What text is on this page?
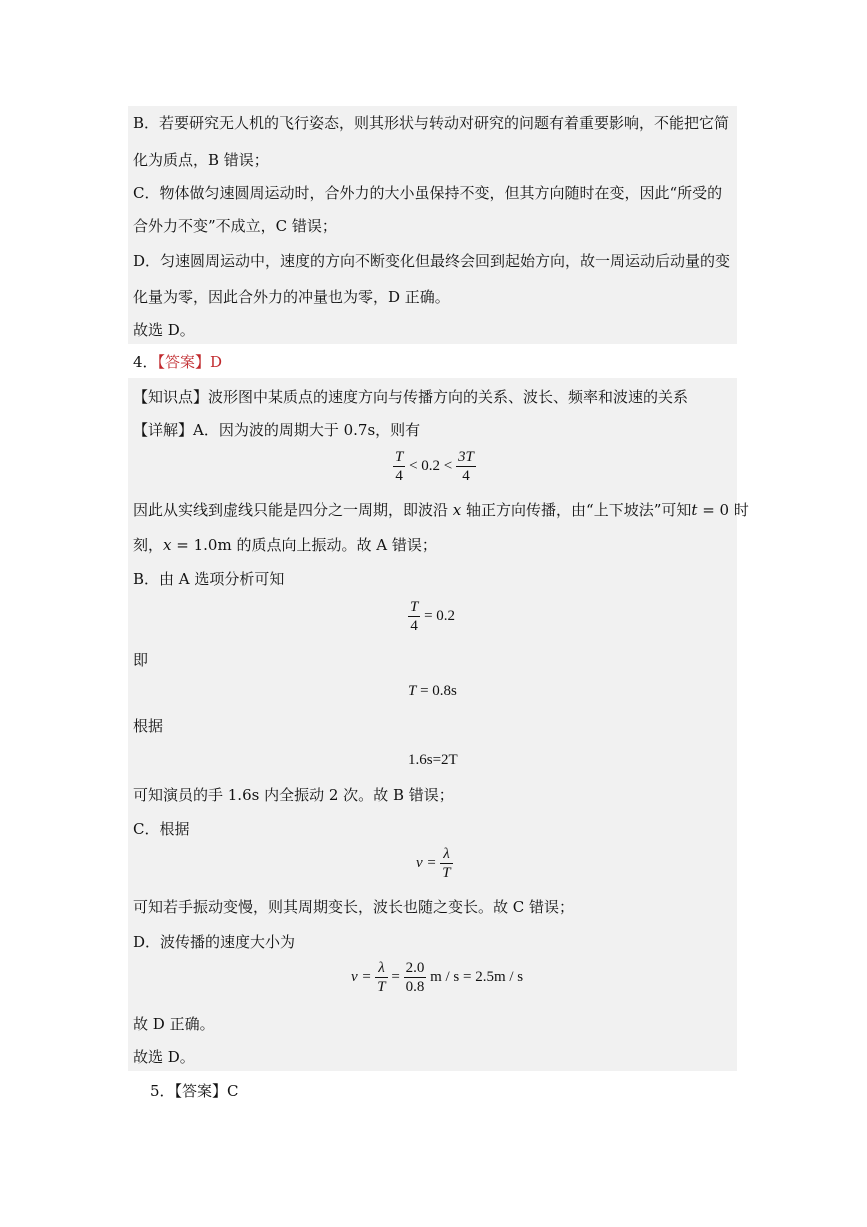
B．若要研究无人机的飞行姿态，则其形状与转动对研究的问题有着重要影响，不能把它简
化为质点，B 错误；
C．物体做匀速圆周运动时，合外力的大小虽保持不变，但其方向随时在变，因此“所受的
合外力不变”不成立，C 错误；
D．匀速圆周运动中，速度的方向不断变化但最终会回到起始方向，故一周运动后动量的变
化量为零，因此合外力的冲量也为零，D 正确。
故选 D。
4．【答案】D
【知识点】波形图中某质点的速度方向与传播方向的关系、波长、频率和波速的关系
【详解】A．因为波的周期大于 0.7s，则有
$\frac{T}{4} < 0.2 < \frac{3T}{4}$
因此从实线到虚线只能是四分之一周期，即波沿 x 轴正方向传播，由“上下坡法”可知t = 0 时
刻，x = 1.0m 的质点向上振动。故 A 错误；
B．由 A 选项分析可知
$\frac{T}{4} = 0.2$
即
T = 0.8s
根据
1.6s=2T
可知演员的手 1.6s 内全振动 2 次。故 B 错误；
C．根据
$v = \frac{\lambda}{T}$
可知若手振动变慢，则其周期变长，波长也随之变长。故 C 错误；
D．波传播的速度大小为
$v = \frac{\lambda}{T} = \frac{2.0}{0.8}$ m / s = 2.5m / s
故 D 正确。
故选 D。
5．【答案】C
